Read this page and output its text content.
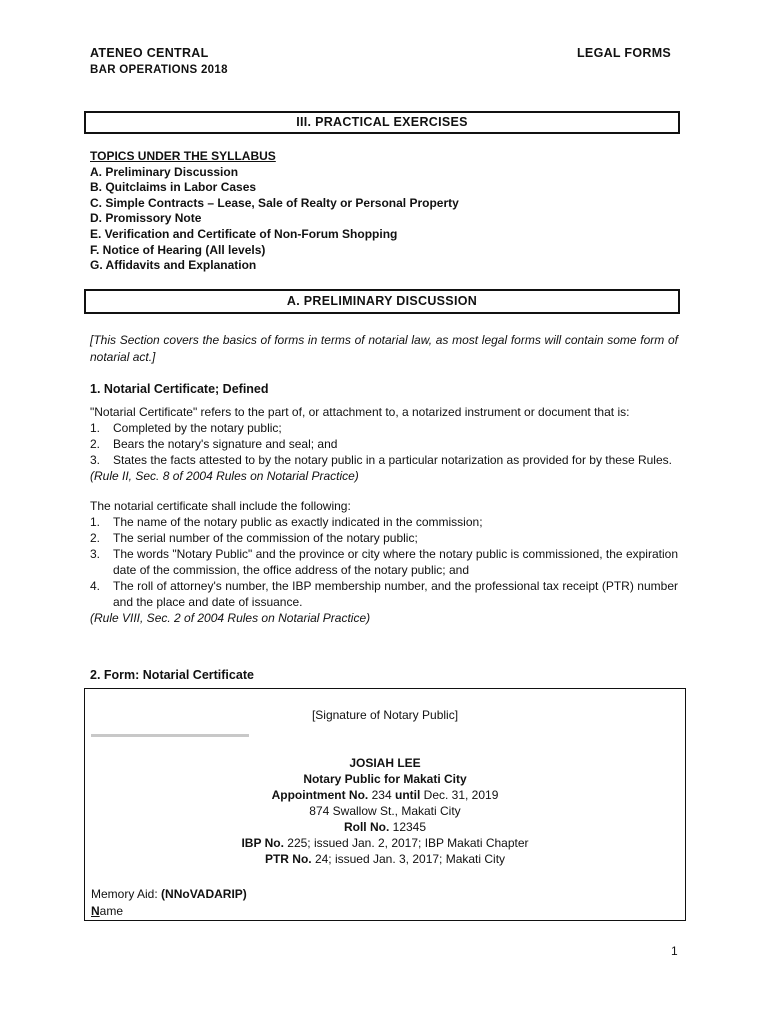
ATENEO CENTRAL
BAR OPERATIONS 2018
LEGAL FORMS
III. PRACTICAL EXERCISES
TOPICS UNDER THE SYLLABUS
A. Preliminary Discussion
B. Quitclaims in Labor Cases
C. Simple Contracts – Lease, Sale of Realty or Personal Property
D. Promissory Note
E. Verification and Certificate of Non-Forum Shopping
F. Notice of Hearing (All levels)
G. Affidavits and Explanation
A. PRELIMINARY DISCUSSION
[This Section covers the basics of forms in terms of notarial law, as most legal forms will contain some form of notarial act.]
1. Notarial Certificate; Defined
"Notarial Certificate" refers to the part of, or attachment to, a notarized instrument or document that is:
1. Completed by the notary public;
2. Bears the notary's signature and seal; and
3. States the facts attested to by the notary public in a particular notarization as provided for by these Rules.
(Rule II, Sec. 8 of 2004 Rules on Notarial Practice)
The notarial certificate shall include the following:
1. The name of the notary public as exactly indicated in the commission;
2. The serial number of the commission of the notary public;
3. The words "Notary Public" and the province or city where the notary public is commissioned, the expiration date of the commission, the office address of the notary public; and
4. The roll of attorney's number, the IBP membership number, and the professional tax receipt (PTR) number and the place and date of issuance.
(Rule VIII, Sec. 2 of 2004 Rules on Notarial Practice)
2. Form: Notarial Certificate
[Signature of Notary Public]
JOSIAH LEE
Notary Public for Makati City
Appointment No. 234 until Dec. 31, 2019
874 Swallow St., Makati City
Roll No. 12345
IBP No. 225; issued Jan. 2, 2017; IBP Makati Chapter
PTR No. 24; issued Jan. 3, 2017; Makati City
Memory Aid: (NNoVADARIP)
Name
1
